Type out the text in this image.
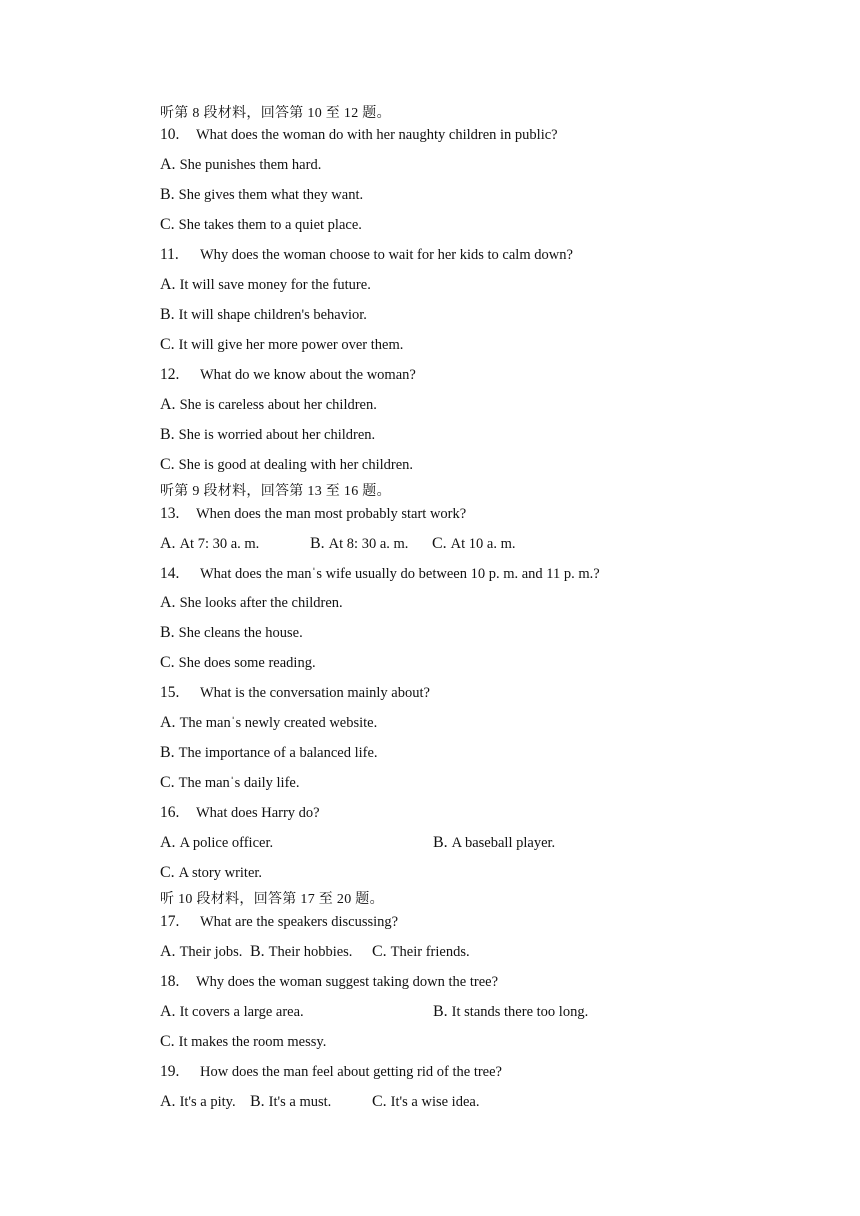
听第 8 段材料，回答第 10 至 12 题。
10. What does the woman do with her naughty children in public?
A. She punishes them hard.
B. She gives them what they want.
C. She takes them to a quiet place.
11. Why does the woman choose to wait for her kids to calm down?
A. It will save money for the future.
B. It will shape children's behavior.
C. It will give her more power over them.
12. What do we know about the woman?
A. She is careless about her children.
B. She is worried about her children.
C. She is good at dealing with her children.
听第 9 段材料，回答第 13 至 16 题。
13. When does the man most probably start work?
A. At 7: 30 a. m.	B. At 8: 30 a. m. C. At 10 a. m.
14. What does the manˈs wife usually do between 10 p. m. and 11 p. m.?
A. She looks after the children.
B. She cleans the house.
C. She does some reading.
15. What is the conversation mainly about?
A. The manˈs newly created website.
B. The importance of a balanced life.
C. The manˈs daily life.
16. What does Harry do?
A. A police officer.	B. A baseball player.
C. A story writer.
听 10 段材料，回答第 17 至 20 题。
17. What are the speakers discussing?
A. Their jobs. B. Their hobbies. C. Their friends.
18. Why does the woman suggest taking down the tree?
A. It covers a large area.	B. It stands there too long.
C. It makes the room messy.
19. How does the man feel about getting rid of the tree?
A. It's a pity. B. It's a must.	C. It's a wise idea.
